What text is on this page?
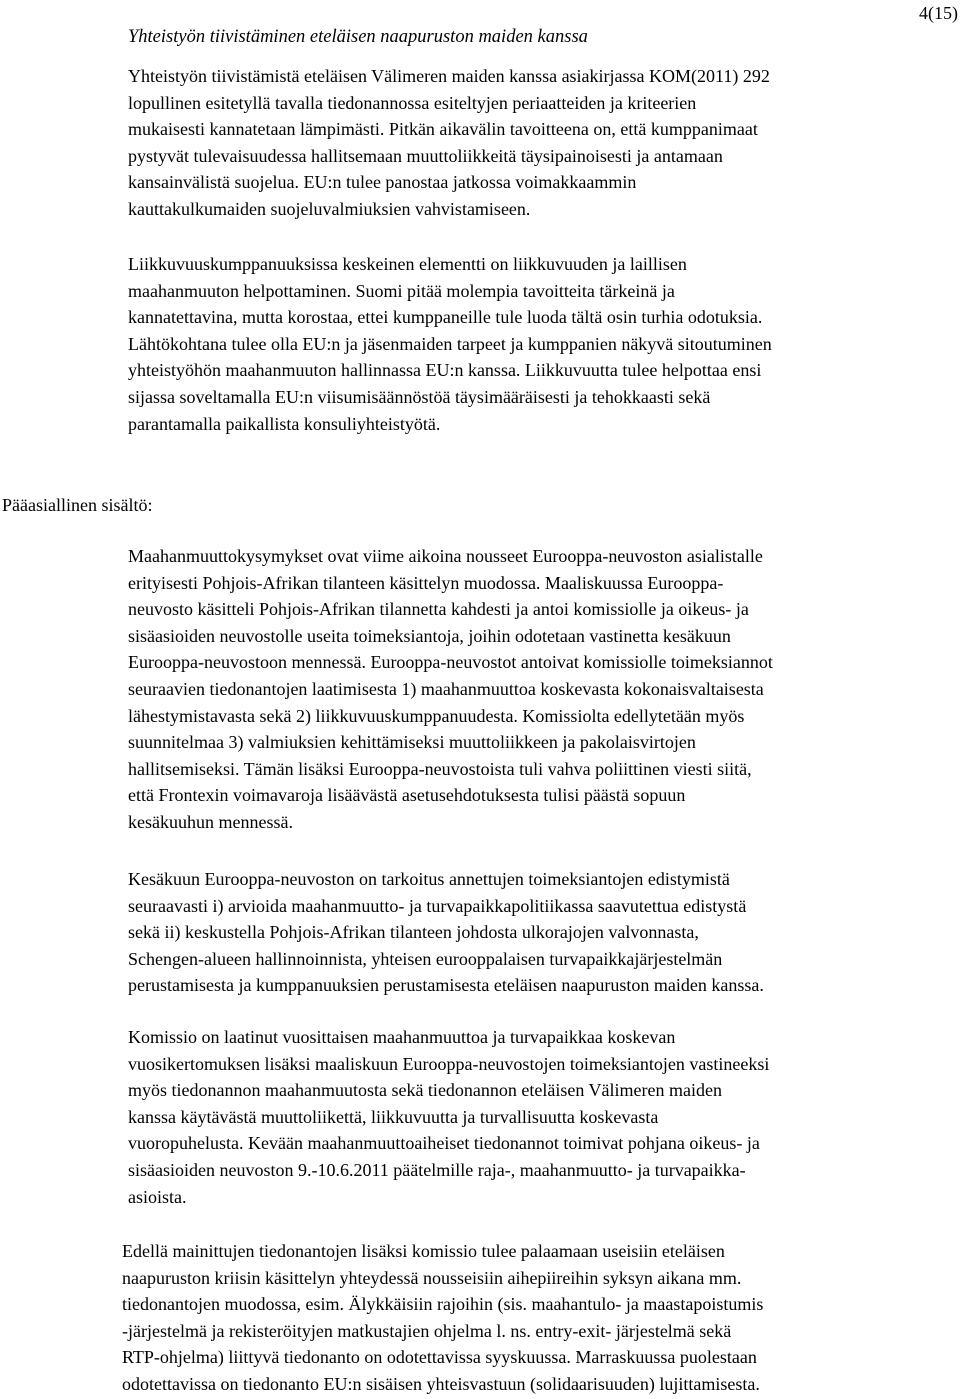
4(15)
Yhteistyön tiivistäminen eteläisen naapuruston maiden kanssa
Yhteistyön tiivistämistä eteläisen Välimeren maiden kanssa asiakirjassa KOM(2011) 292
lopullinen esitetyllä tavalla tiedonannossa esiteltyjen periaatteiden ja kriteerien
mukaisesti kannatetaan lämpimästi. Pitkän aikavälin tavoitteena on, että kumppanimaat
pystyvät tulevaisuudessa hallitsemaan muuttoliikkeitä täysipainoisesti ja antamaan
kansainvälistä suojelua. EU:n tulee panostaa jatkossa voimakkaammin
kauttakulkumaiden suojeluvalmiuksien vahvistamiseen.
Liikkuvuuskumppanuuksissa keskeinen elementti on liikkuvuuden ja laillisen
maahanmuuton helpottaminen. Suomi pitää molempia tavoitteita tärkeinä ja
kannatettavina, mutta korostaa, ettei kumppaneille tule luoda tältä osin turhia odotuksia.
Lähtökohtana tulee olla EU:n ja jäsenmaiden tarpeet ja kumppanien näkyvä sitoutuminen
yhteistyöhön maahanmuuton hallinnassa EU:n kanssa. Liikkuvuutta tulee helpottaa ensi
sijassa soveltamalla EU:n viisumisäännöstöä täysimääräisesti ja tehokkaasti sekä
parantamalla paikallista konsuliyhteistyötä.
Pääasiallinen sisältö:
Maahanmuuttokysymykset ovat viime aikoina nousseet Eurooppa-neuvoston asialistalle
erityisesti Pohjois-Afrikan tilanteen käsittelyn muodossa. Maaliskuussa Eurooppa-
neuvosto käsitteli Pohjois-Afrikan tilannetta kahdesti ja antoi komissiolle ja oikeus- ja
sisäasioiden neuvostolle useita toimeksiantoja, joihin odotetaan vastinetta kesäkuun
Eurooppa-neuvostoon mennessä. Eurooppa-neuvostot antoivat komissiolle toimeksiannot
seuraavien tiedonantojen laatimisesta 1) maahanmuuttoa koskevasta kokonaisvaltaisesta
lähestymistavasta sekä 2) liikkuvuuskumppanuudesta. Komissiolta edellytetään myös
suunnitelmaa 3) valmiuksien kehittämiseksi muuttoliikkeen ja pakolaisvirtojen
hallitsemiseksi. Tämän lisäksi Eurooppa-neuvostoista tuli vahva poliittinen viesti siitä,
että Frontexin voimavaroja lisäävästä asetusehdotuksesta tulisi päästä sopuun
kesäkuuhun mennessä.
Kesäkuun Eurooppa-neuvoston on tarkoitus annettujen toimeksiantojen edistymistä
seuraavasti i) arvioida maahanmuutto- ja turvapaikkapolitiikassa saavutettua edistystä
sekä ii) keskustella Pohjois-Afrikan tilanteen johdosta ulkorajojen valvonnasta,
Schengen-alueen hallinnoinnista, yhteisen eurooppalaisen turvapaikkajärjestelmän
perustamisesta ja kumppanuuksien perustamisesta eteläisen naapuruston maiden kanssa.
Komissio on laatinut vuosittaisen maahanmuuttoa ja turvapaikkaa koskevan
vuosikertomuksen lisäksi maaliskuun Eurooppa-neuvostojen toimeksiantojen vastineeksi
myös tiedonannon maahanmuutosta sekä tiedonannon eteläisen Välimeren maiden
kanssa käytävästä muuttoliikettä, liikkuvuutta ja turvallisuutta koskevasta
vuoropuhelusta. Kevään maahanmuuttoaiheiset tiedonannot toimivat pohjana oikeus- ja
sisäasioiden neuvoston 9.-10.6.2011 päätelmille raja-, maahanmuutto- ja turvapaikka-
asioista.
Edellä mainittujen tiedonantojen lisäksi komissio tulee palaamaan useisiin eteläisen
naapuruston kriisin käsittelyn yhteydessä nousseisiin aihepiireihin syksyn aikana mm.
tiedonantojen muodossa, esim. Älykkäisiin rajoihin (sis. maahantulo- ja maastapoistumis
-järjestelmä ja rekisteröityjen matkustajien ohjelma l. ns. entry-exit- järjestelmä sekä
RTP-ohjelma) liittyvä tiedonanto on odotettavissa syyskuussa. Marraskuussa puolestaan
odotettavissa on tiedonanto EU:n sisäisen yhteisvastuun (solidaarisuuden) lujittamisesta.
